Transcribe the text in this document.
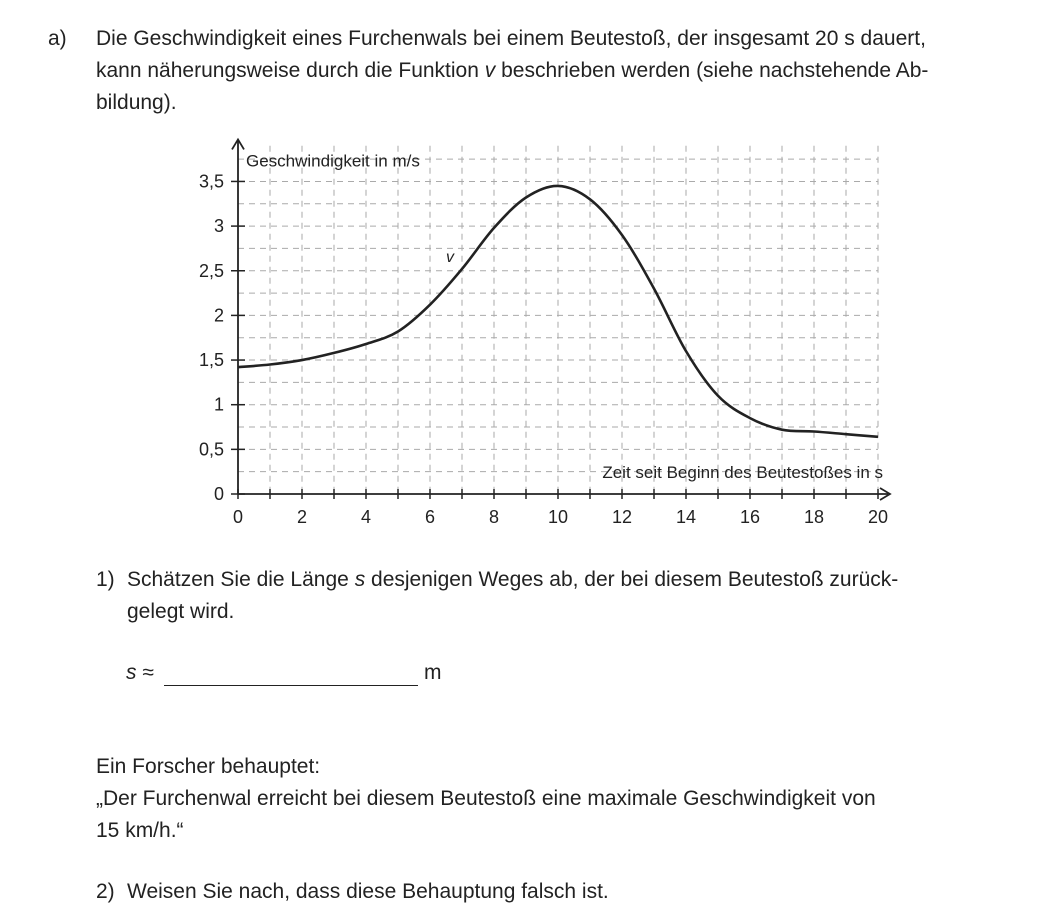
a) Die Geschwindigkeit eines Furchenwals bei einem Beutestoß, der insgesamt 20 s dauert,
kann näherungsweise durch die Funktion v beschrieben werden (siehe nachstehende Ab-
bildung).
0	2	4	6	8	10 12 14 16 18 20
0
0,5
1
1,5
2
2,5
3
3,5
Geschwindigkeit in m/s
Zeit seit Beginn des Beutestoßes in s
v
1) Schätzen Sie die Länge s desjenigen Weges ab, der bei diesem Beutestoß zurück-
gelegt wird.
s ≈	m
Ein Forscher behauptet:
„Der Furchenwal erreicht bei diesem Beutestoß eine maximale Geschwindigkeit von
15 km/h.“
2) Weisen Sie nach, dass diese Behauptung falsch ist.
